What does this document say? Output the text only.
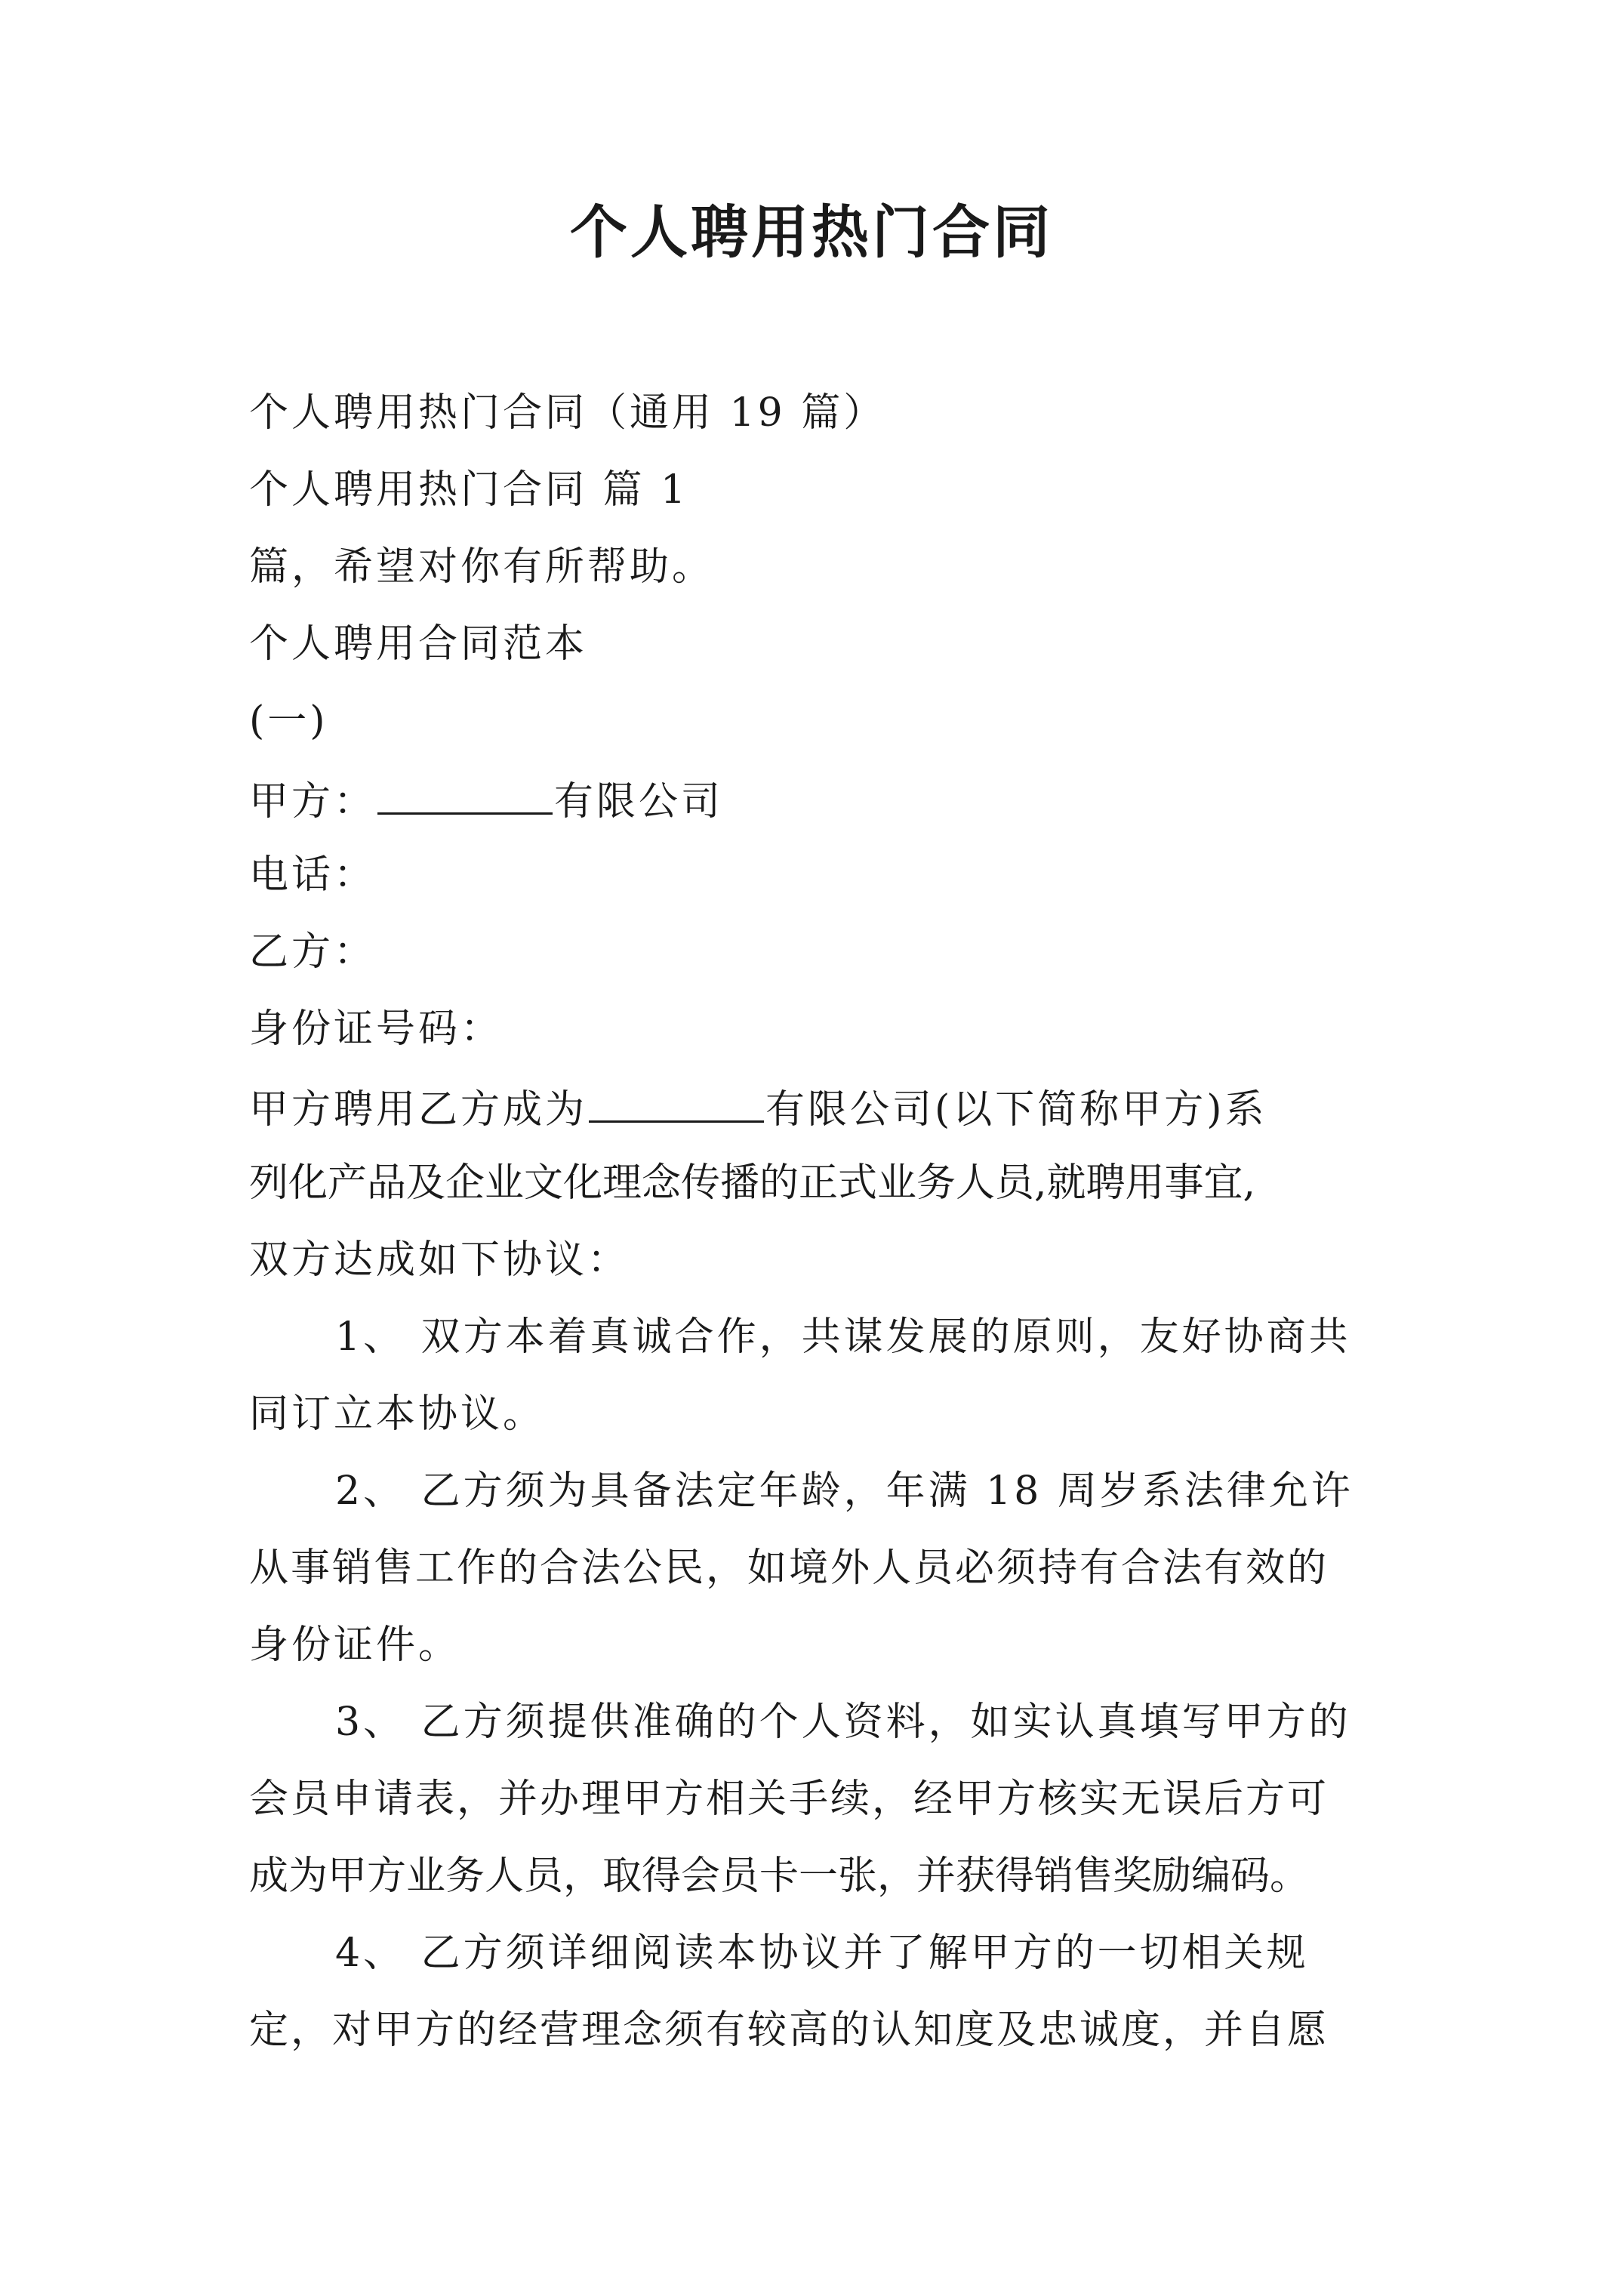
个人聘用热门合同
个人聘用热门合同（通用 19 篇）
个人聘用热门合同 篇 1
篇，希望对你有所帮助。
个人聘用合同范本
(一)
甲方：	有限公司
电话：
乙方：
身份证号码：
甲方聘用乙方成为	有限公司(以下简称甲方)系
列化产品及企业文化理念传播的正式业务人员,就聘用事宜,
双方达成如下协议：
1、 双方本着真诚合作，共谋发展的原则，友好协商共
同订立本协议。
2、 乙方须为具备法定年龄，年满 18 周岁系法律允许
从事销售工作的合法公民，如境外人员必须持有合法有效的
身份证件。
3、 乙方须提供准确的个人资料，如实认真填写甲方的
会员申请表，并办理甲方相关手续，经甲方核实无误后方可
成为甲方业务人员，取得会员卡一张，并获得销售奖励编码。
4、 乙方须详细阅读本协议并了解甲方的一切相关规
定，对甲方的经营理念须有较高的认知度及忠诚度，并自愿
